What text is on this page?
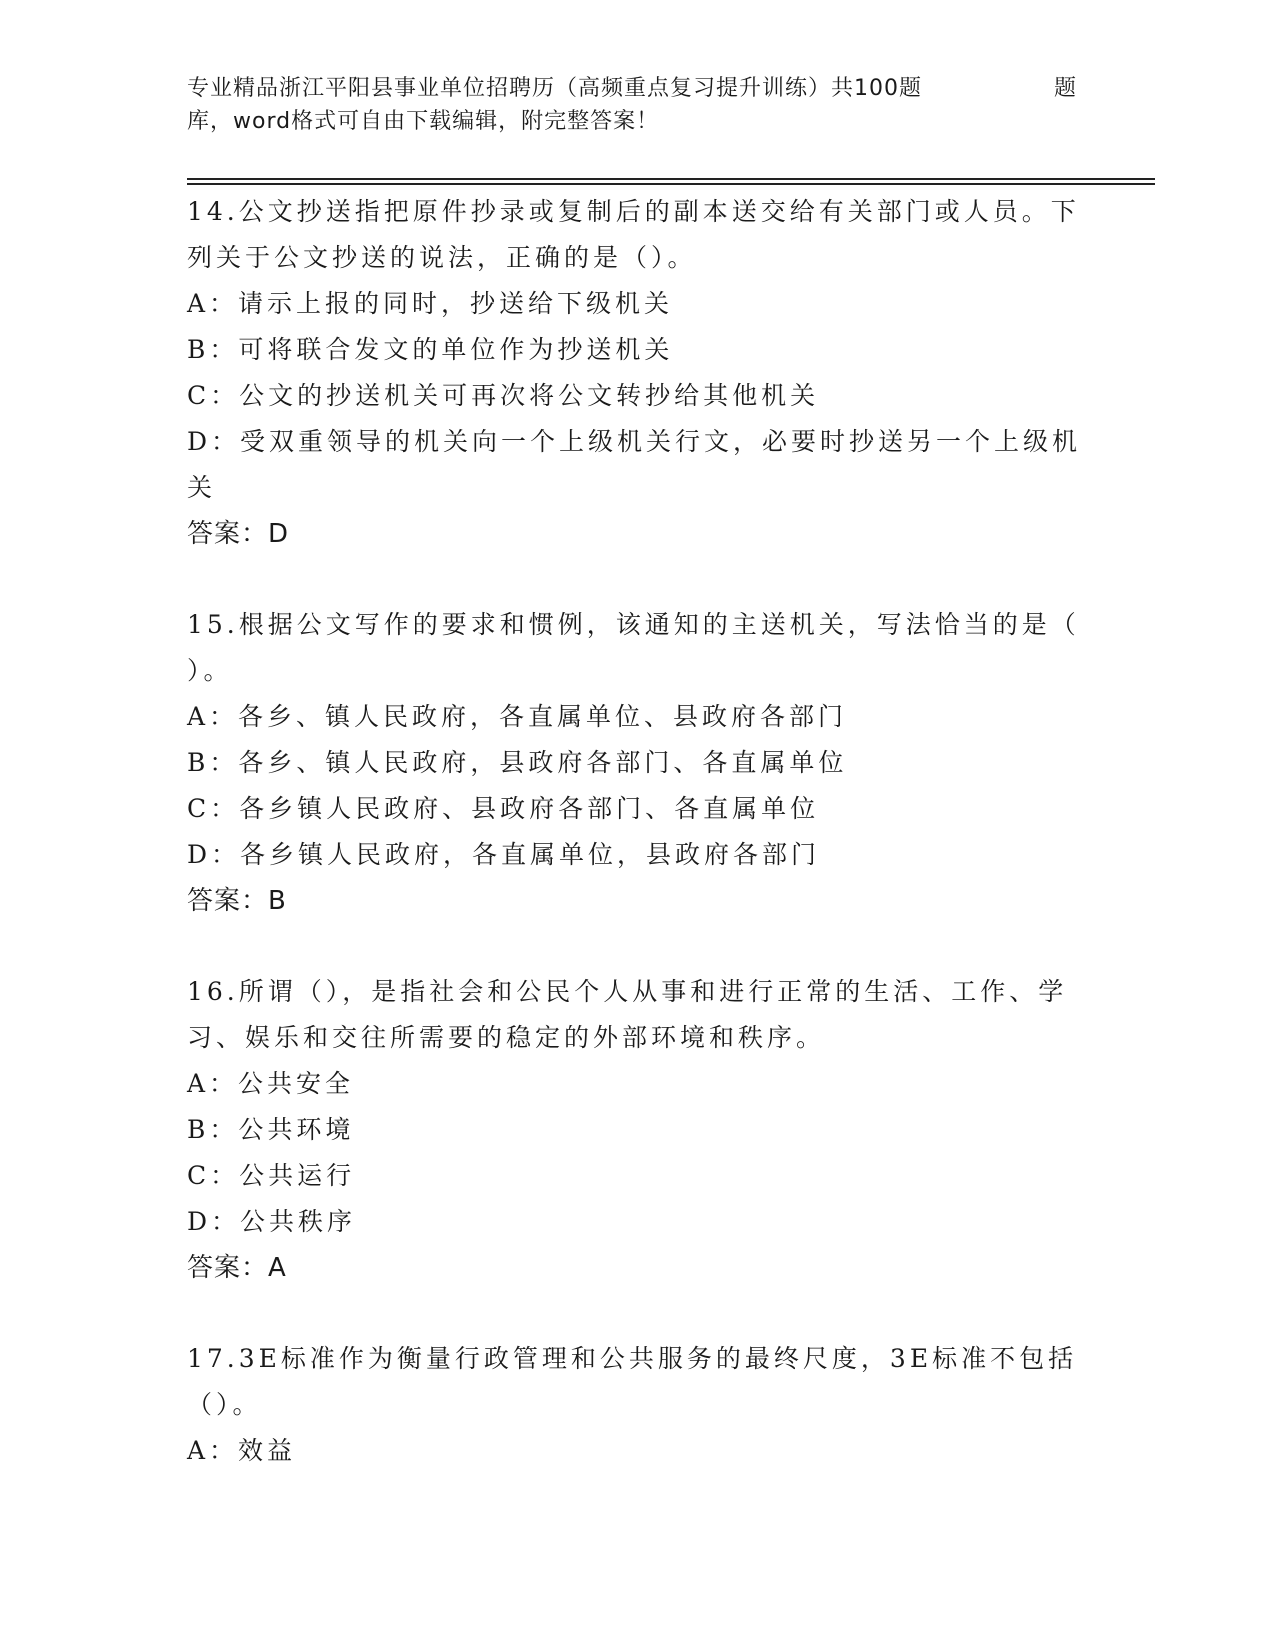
专业精品浙江平阳县事业单位招聘历（高频重点复习提升训练）共100题
库，word格式可自由下载编辑，附完整答案！
题
14.公文抄送指把原件抄录或复制后的副本送交给有关部门或人员。下
列关于公文抄送的说法，正确的是（）。
A：请示上报的同时，抄送给下级机关
B：可将联合发文的单位作为抄送机关
C：公文的抄送机关可再次将公文转抄给其他机关
D：受双重领导的机关向一个上级机关行文，必要时抄送另一个上级机
关
答案：D
15.根据公文写作的要求和惯例，该通知的主送机关，写法恰当的是（
）。
A：各乡、镇人民政府，各直属单位、县政府各部门
B：各乡、镇人民政府，县政府各部门、各直属单位
C：各乡镇人民政府、县政府各部门、各直属单位
D：各乡镇人民政府，各直属单位，县政府各部门
答案：B
16.所谓（），是指社会和公民个人从事和进行正常的生活、工作、学
习、娱乐和交往所需要的稳定的外部环境和秩序。
A：公共安全
B：公共环境
C：公共运行
D：公共秩序
答案：A
17.3E标准作为衡量行政管理和公共服务的最终尺度，3E标准不包括
（）。
A：效益
